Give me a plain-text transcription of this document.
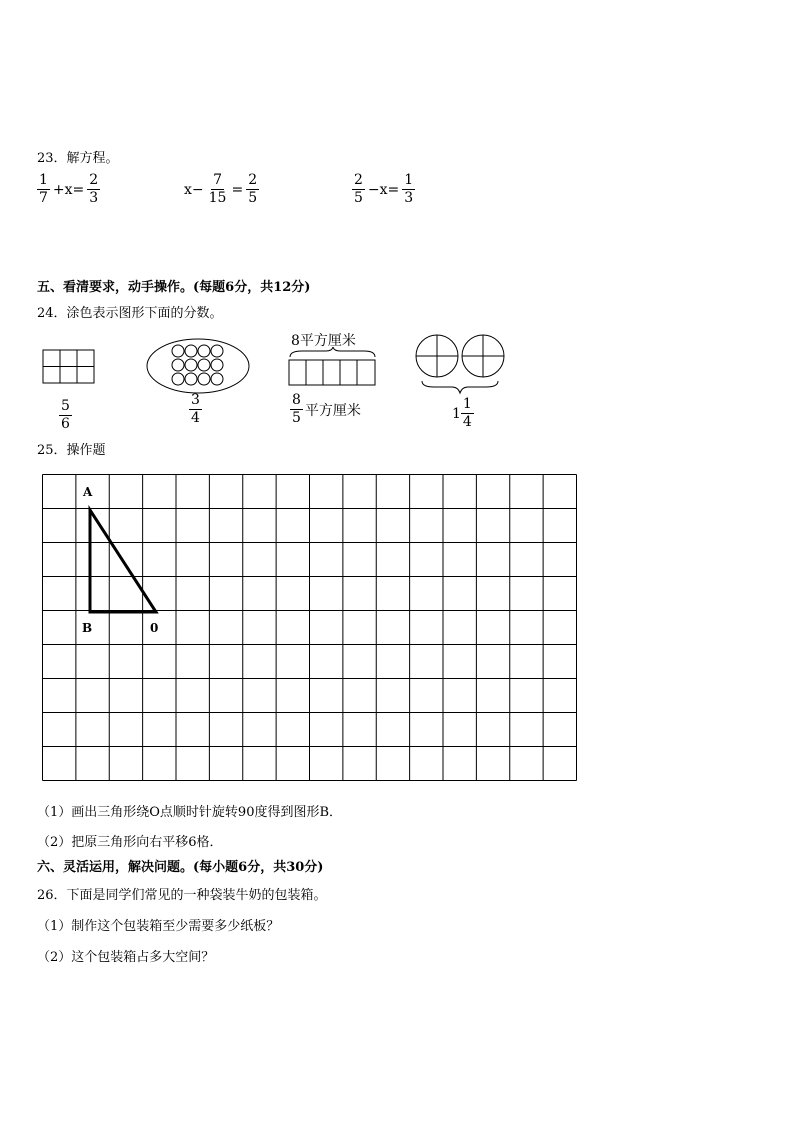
23．解方程。
$\frac{1}{7} +x= \frac{2}{3}$	$x- \frac{7}{15} = \frac{2}{5}$	$\frac{2}{5} -x= \frac{1}{3}$
五、看清要求，动手操作。(每题6分，共12分)
24．涂色表示图形下面的分数。
$\frac{5}{6}$	$\frac{3}{4}$
8平方厘米
$\frac{8}{5}$ 平方厘米	$1 \frac{1}{4}$
25．操作题
A
B	0
（1）画出三角形绕O点顺时针旋转90度得到图形B．
（2）把原三角形向右平移6格．
六、灵活运用，解决问题。(每小题6分，共30分)
26．下面是同学们常见的一种袋装牛奶的包装箱。
（1）制作这个包装箱至少需要多少纸板？
（2）这个包装箱占多大空间？
